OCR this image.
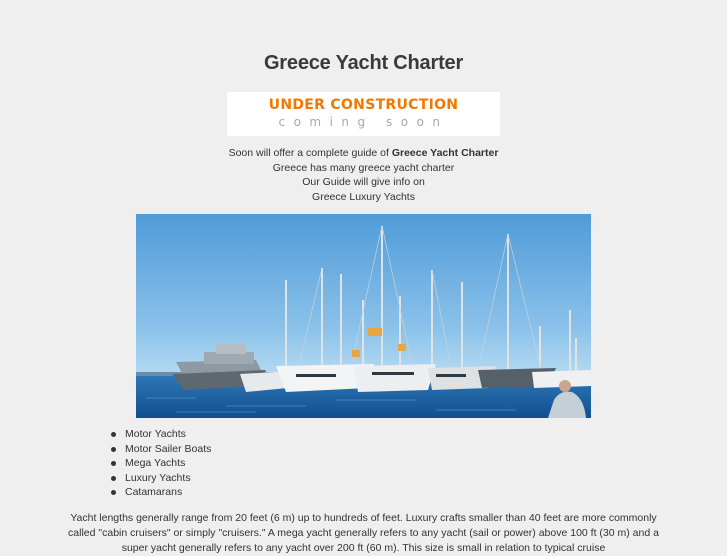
Greece Yacht Charter
UNDER CONSTRUCTION
coming soon
Soon will offer a complete guide of Greece Yacht Charter
Greece has many greece yacht charter
Our Guide will give info on
Greece Luxury Yachts
Motor Yachts
Motor Sailer Boats
Mega Yachts
Luxury Yachts
Catamarans
Yacht lengths generally range from 20 feet (6 m) up to hundreds of feet. Luxury crafts smaller than 40 feet are more commonly called "cabin cruisers" or simply "cruisers." A mega yacht generally refers to any yacht (sail or power) above 100 ft (30 m) and a super yacht generally refers to any yacht over 200 ft (60 m). This size is small in relation to typical cruise
